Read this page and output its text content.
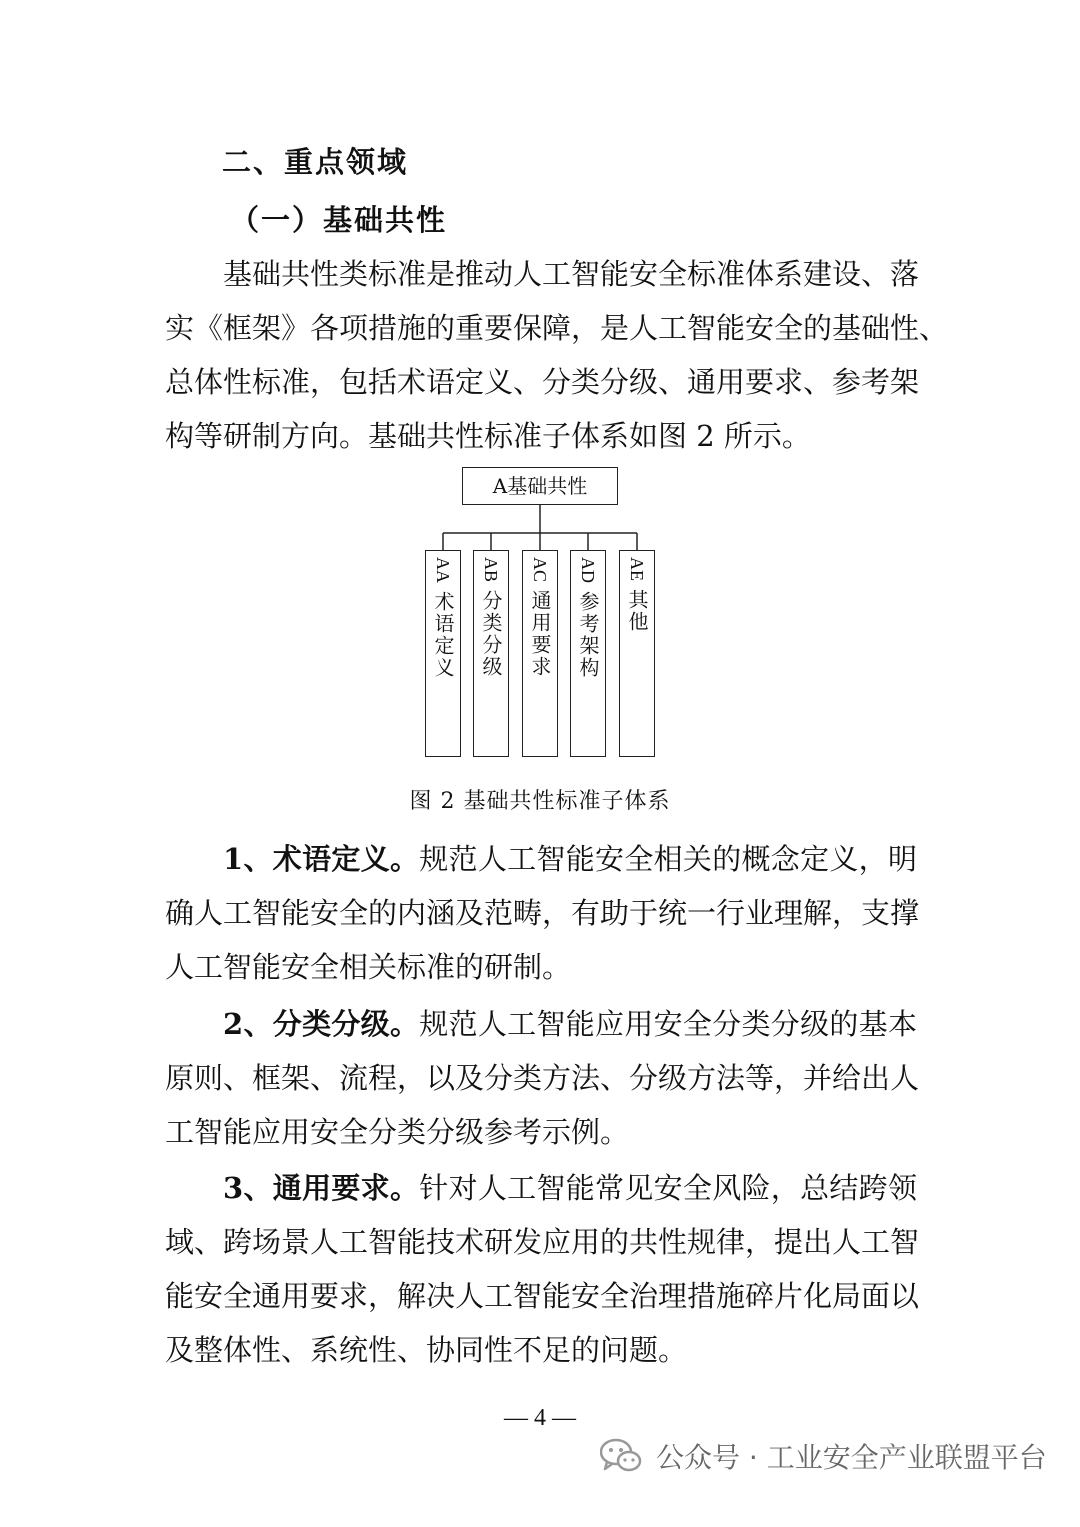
二、重点领域
（一）基础共性
基础共性类标准是推动人工智能安全标准体系建设、落
实《框架》各项措施的重要保障，是人工智能安全的基础性、
总体性标准，包括术语定义、分类分级、通用要求、参考架
构等研制方向。基础共性标准子体系如图 2 所示。
A基础共性
AA
术语定义
AB
分类分级
AC
通用要求
AD
参考架构
AE
其他
图 2 基础共性标准子体系
1、术语定义。规范人工智能安全相关的概念定义，明
确人工智能安全的内涵及范畴，有助于统一行业理解，支撑
人工智能安全相关标准的研制。
2、分类分级。规范人工智能应用安全分类分级的基本
原则、框架、流程，以及分类方法、分级方法等，并给出人
工智能应用安全分类分级参考示例。
3、通用要求。针对人工智能常见安全风险，总结跨领
域、跨场景人工智能技术研发应用的共性规律，提出人工智
能安全通用要求，解决人工智能安全治理措施碎片化局面以
及整体性、系统性、协同性不足的问题。
— 4 —
公众号 · 工业安全产业联盟平台
